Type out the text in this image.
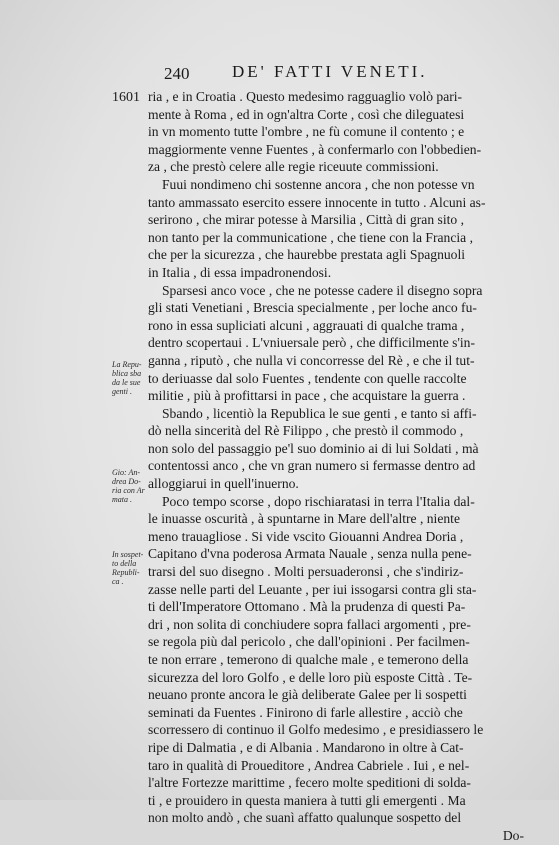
240	DE' FATTI VENETI.
1601
La Repu-
blica sba
da le sue
genti .
Gio: An-
drea Do-
ria con Ar
mata .
In sospet-
to della
Republi-
ca .
ria , e in Croatia . Questo medesimo ragguaglio volò pari-
mente à Roma , ed in ogn'altra Corte , così che dileguatesi
in vn momento tutte l'ombre , ne fù comune il contento ; e
maggiormente venne Fuentes , à confermarlo con l'obbedien-
za , che prestò celere alle regie riceuute commissioni.
Fuui nondimeno chi sostenne ancora , che non potesse vn
tanto ammassato esercito essere innocente in tutto . Alcuni as-
serirono , che mirar potesse à Marsilia , Città di gran sito ,
non tanto per la communicatione , che tiene con la Francia ,
che per la sicurezza , che haurebbe prestata agli Spagnuoli
in Italia , di essa impadronendosi.
Sparsesi anco voce , che ne potesse cadere il disegno sopra
gli stati Venetiani , Brescia specialmente , per loche anco fu-
rono in essa supliciati alcuni , aggrauati di qualche trama ,
dentro scopertaui . L'vniuersale però , che difficilmente s'in-
ganna , riputò , che nulla vi concorresse del Rè , e che il tut-
to deriuasse dal solo Fuentes , tendente con quelle raccolte
militie , più à profittarsi in pace , che acquistare la guerra .
Sbando , licentiò la Republica le sue genti , e tanto si affi-
dò nella sincerità del Rè Filippo , che prestò il commodo ,
non solo del passaggio pe'l suo dominio ai di lui Soldati , mà
contentossi anco , che vn gran numero si fermasse dentro ad
alloggiarui in quell'inuerno.
Poco tempo scorse , dopo rischiaratasi in terra l'Italia dal-
le inuasse oscurità , à spuntarne in Mare dell'altre , niente
meno trauagliose . Si vide vscito Giouanni Andrea Doria ,
Capitano d'vna poderosa Armata Nauale , senza nulla pene-
trarsi del suo disegno . Molti persuaderonsi , che s'indiriz-
zasse nelle parti del Leuante , per iui issogarsi contra gli sta-
ti dell'Imperatore Ottomano . Mà la prudenza di questi Pa-
dri , non solita di conchiudere sopra fallaci argomenti , pre-
se regola più dal pericolo , che dall'opinioni . Per facilmen-
te non errare , temerono di qualche male , e temerono della
sicurezza del loro Golfo , e delle loro più esposte Città . Te-
neuano pronte ancora le già deliberate Galee per li sospetti
seminati da Fuentes . Finirono di farle allestire , acciò che
scorressero di continuo il Golfo medesimo , e presidiassero le
ripe di Dalmatia , e di Albania . Mandarono in oltre à Cat-
taro in qualità di Proueditore , Andrea Cabriele . Iui , e nel-
l'altre Fortezze marittime , fecero molte speditioni di solda-
ti , e prouidero in questa maniera à tutti gli emergenti . Ma
non molto andò , che suanì affatto qualunque sospetto del
Do-
